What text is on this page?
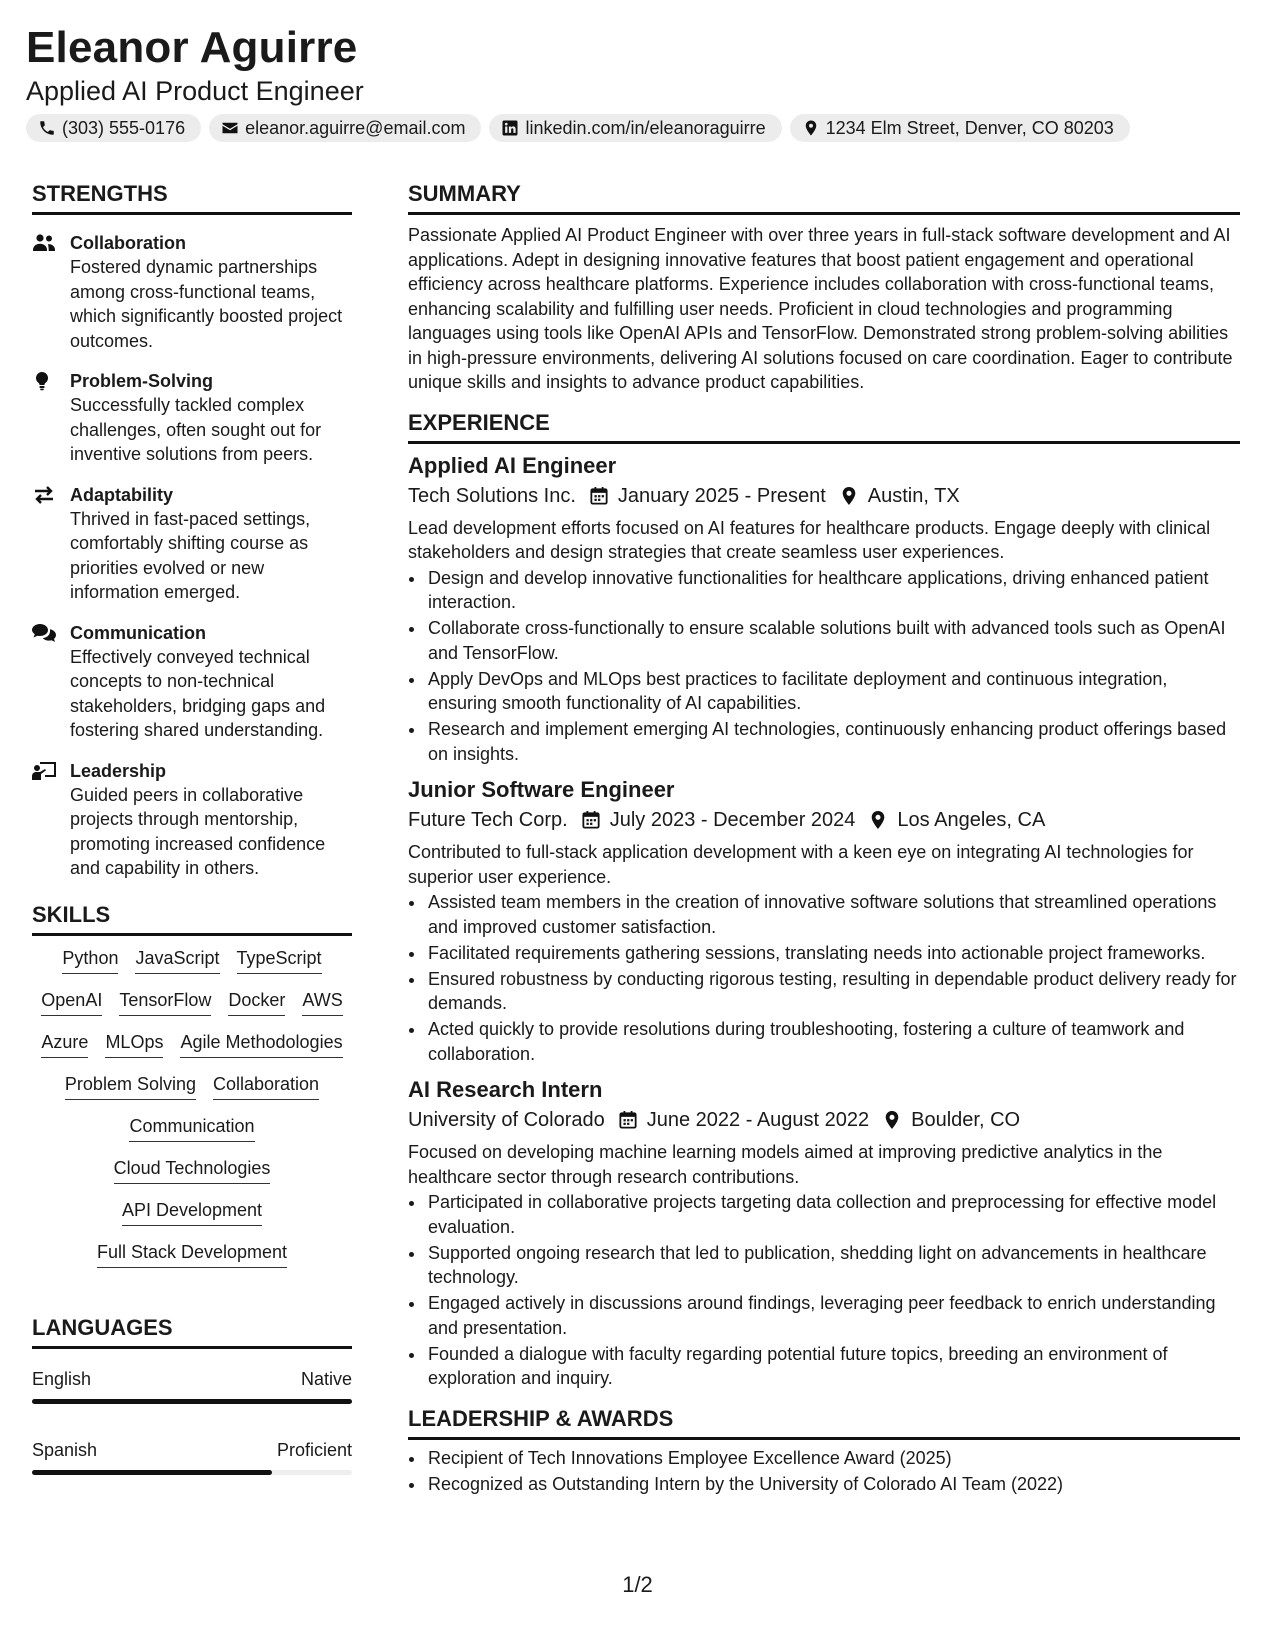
Eleanor Aguirre
Applied AI Product Engineer
(303) 555-0176	eleanor.aguirre@email.com	linkedin.com/in/eleanoraguirre	1234 Elm Street, Denver, CO 80203
STRENGTHS
Collaboration
Fostered dynamic partnerships among cross-functional teams, which significantly boosted project outcomes.
Problem-Solving
Successfully tackled complex challenges, often sought out for inventive solutions from peers.
Adaptability
Thrived in fast-paced settings, comfortably shifting course as priorities evolved or new information emerged.
Communication
Effectively conveyed technical concepts to non-technical stakeholders, bridging gaps and fostering shared understanding.
Leadership
Guided peers in collaborative projects through mentorship, promoting increased confidence and capability in others.
SKILLS
Python JavaScript TypeScript
OpenAI TensorFlow Docker AWS
Azure MLOps Agile Methodologies
Problem Solving Collaboration
Communication
Cloud Technologies
API Development
Full Stack Development
LANGUAGES
English	Native
Spanish	Proficient
SUMMARY

Passionate Applied AI Product Engineer with over three years in full-stack software development and AI applications. Adept in designing innovative features that boost patient engagement and operational efficiency across healthcare platforms. Experience includes collaboration with cross-functional teams, enhancing scalability and fulfilling user needs. Proficient in cloud technologies and programming languages using tools like OpenAI APIs and TensorFlow. Demonstrated strong problem-solving abilities in high-pressure environments, delivering AI solutions focused on care coordination. Eager to contribute unique skills and insights to advance product capabilities.

EXPERIENCE
Applied AI Engineer
Tech Solutions Inc. January 2025 - Present Austin, TX

Lead development efforts focused on AI features for healthcare products. Engage deeply with clinical stakeholders and design strategies that create seamless user experiences.

• Design and develop innovative functionalities for healthcare applications, driving enhanced patient interaction.
• Collaborate cross-functionally to ensure scalable solutions built with advanced tools such as OpenAI and TensorFlow.
• Apply DevOps and MLOps best practices to facilitate deployment and continuous integration, ensuring smooth functionality of AI capabilities.
• Research and implement emerging AI technologies, continuously enhancing product offerings based on insights.
Junior Software Engineer
Future Tech Corp. July 2023 - December 2024 Los Angeles, CA

Contributed to full-stack application development with a keen eye on integrating AI technologies for superior user experience.

• Assisted team members in the creation of innovative software solutions that streamlined operations and improved customer satisfaction.
• Facilitated requirements gathering sessions, translating needs into actionable project frameworks.
• Ensured robustness by conducting rigorous testing, resulting in dependable product delivery ready for demands.
• Acted quickly to provide resolutions during troubleshooting, fostering a culture of teamwork and collaboration.
AI Research Intern
University of Colorado June 2022 - August 2022 Boulder, CO

Focused on developing machine learning models aimed at improving predictive analytics in the healthcare sector through research contributions.

• Participated in collaborative projects targeting data collection and preprocessing for effective model evaluation.
• Supported ongoing research that led to publication, shedding light on advancements in healthcare technology.
• Engaged actively in discussions around findings, leveraging peer feedback to enrich understanding and presentation.
• Founded a dialogue with faculty regarding potential future topics, breeding an environment of exploration and inquiry.
LEADERSHIP & AWARDS
• Recipient of Tech Innovations Employee Excellence Award (2025)
• Recognized as Outstanding Intern by the University of Colorado AI Team (2022)
1/2
